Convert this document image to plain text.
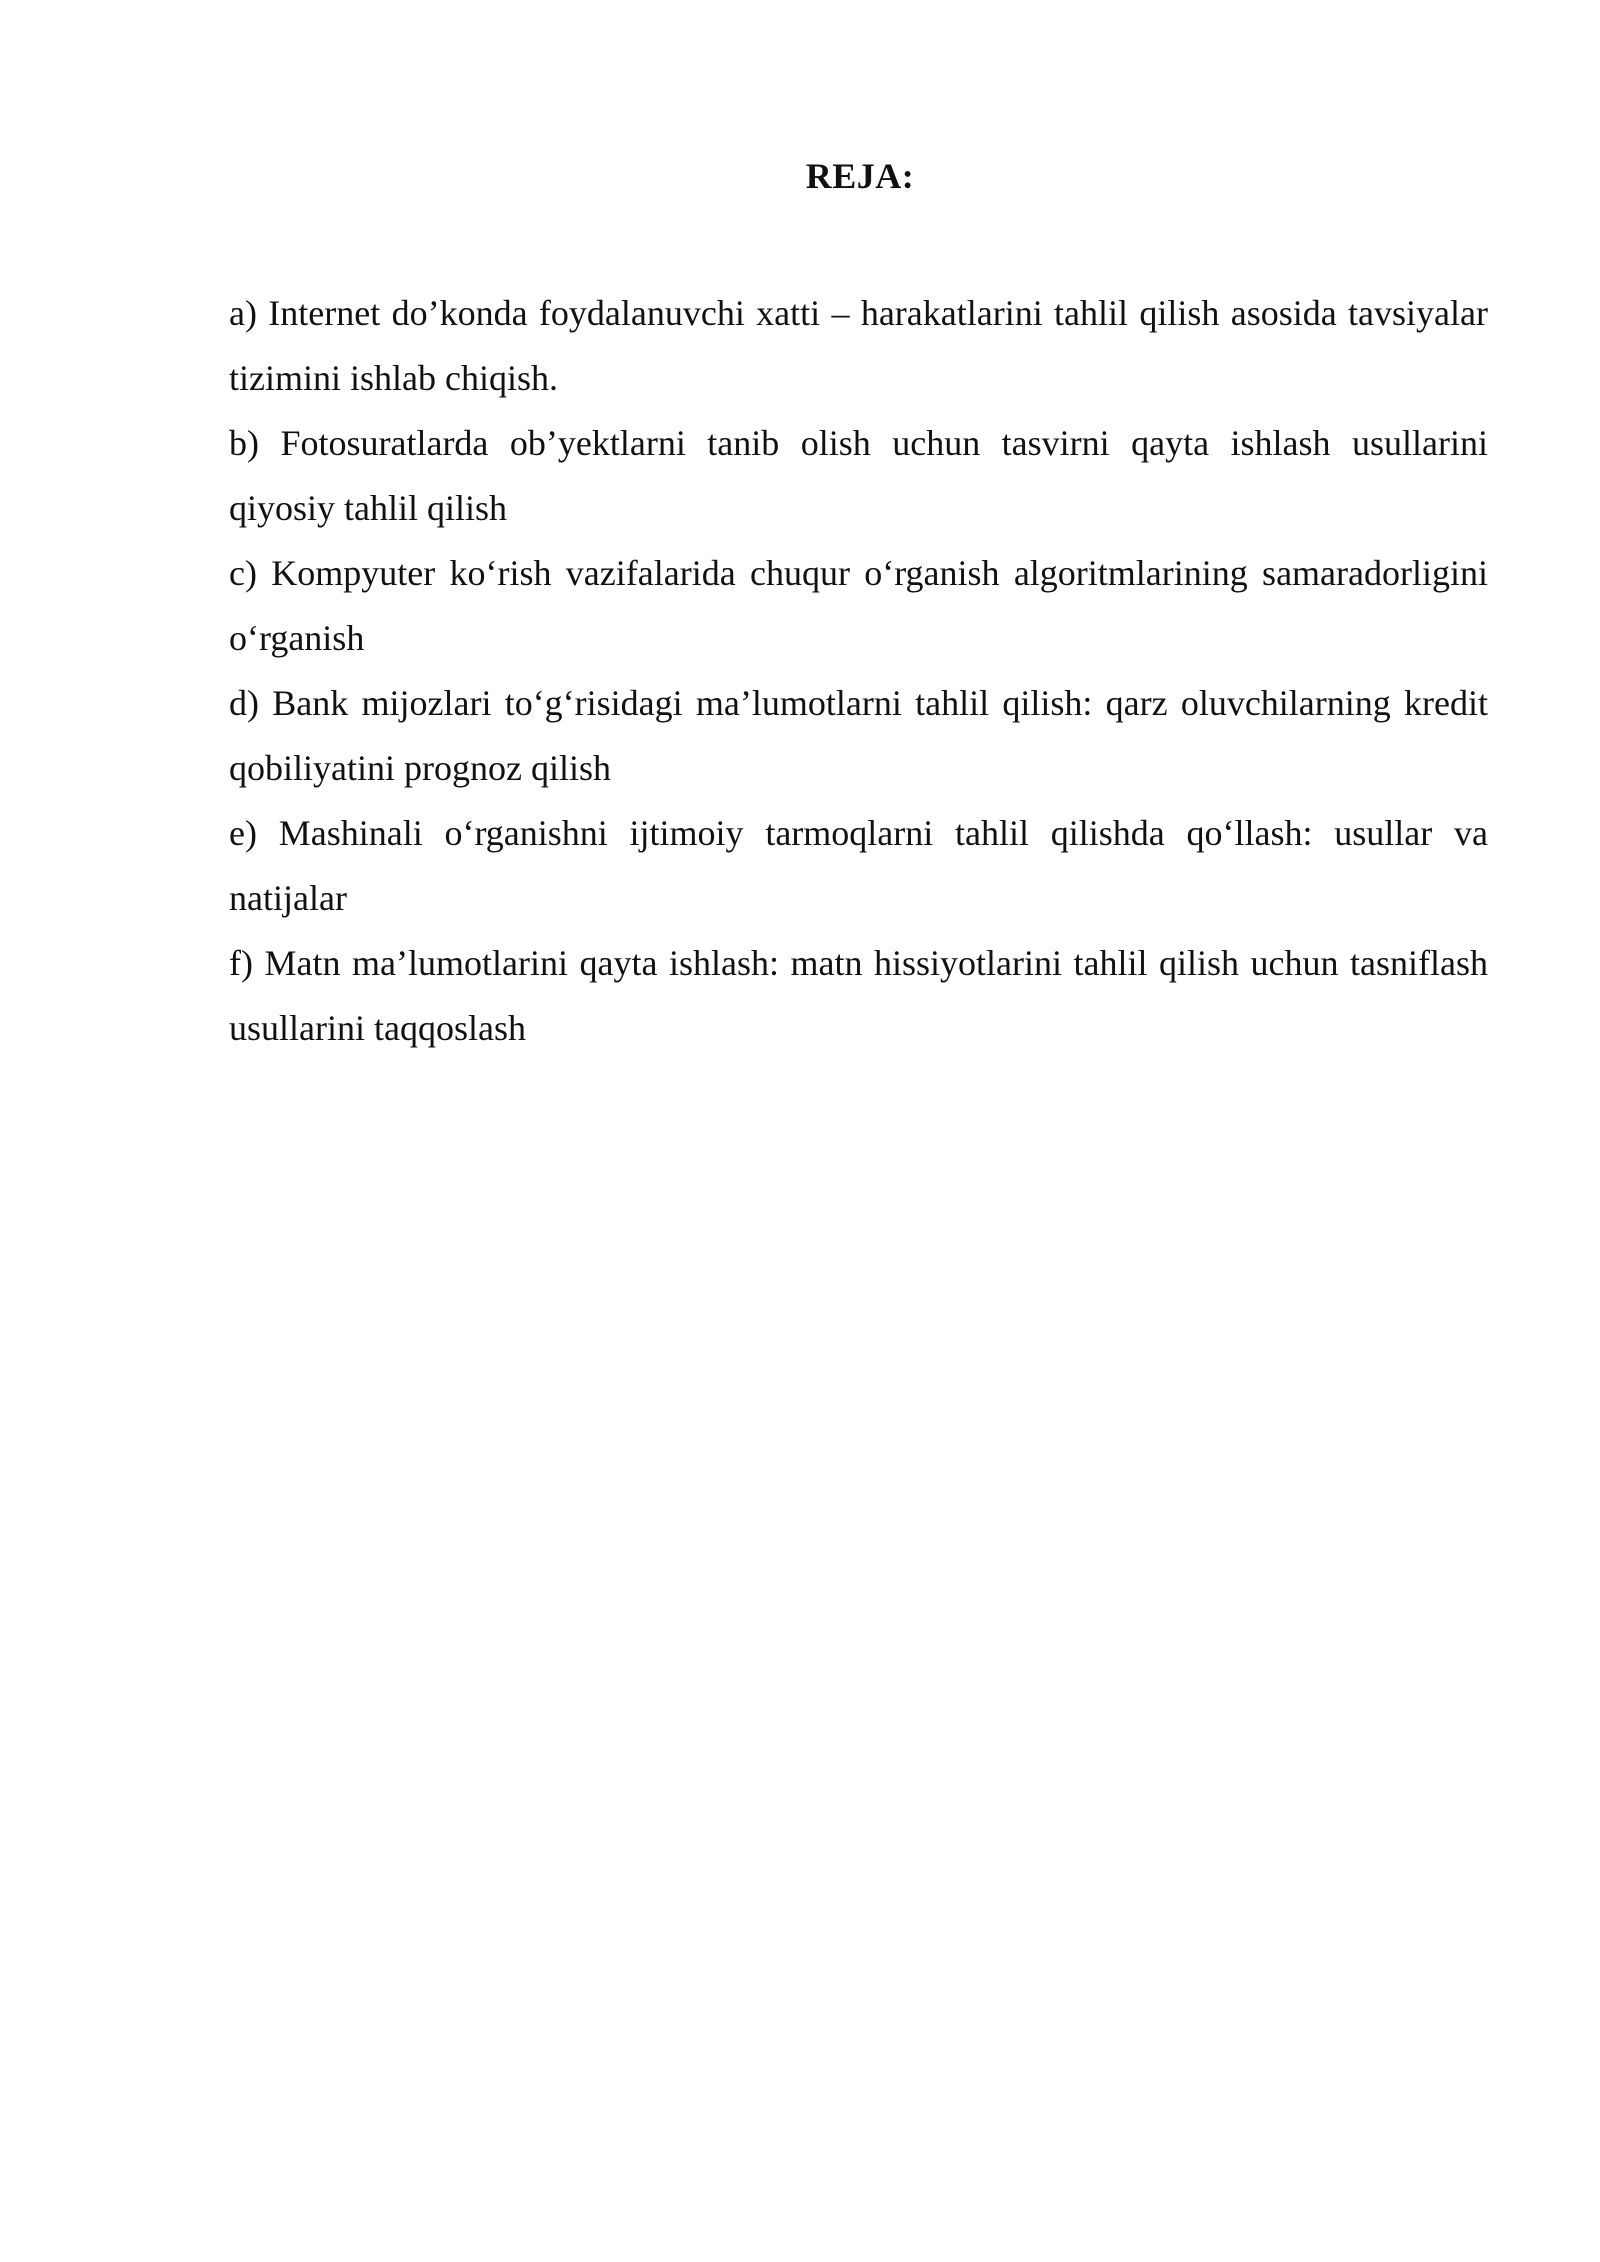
REJA:
a) Internet do’konda foydalanuvchi xatti – harakatlarini tahlil qilish asosida tavsiyalar tizimini ishlab chiqish.
b) Fotosuratlarda ob’yektlarni tanib olish uchun tasvirni qayta ishlash usullarini qiyosiy tahlil qilish
c) Kompyuter ko‘rish vazifalarida chuqur o‘rganish algoritmlarining samaradorligini o‘rganish
d) Bank mijozlari to‘g‘risidagi ma’lumotlarni tahlil qilish: qarz oluvchilarning kredit qobiliyatini prognoz qilish
e) Mashinali o‘rganishni ijtimoiy tarmoqlarni tahlil qilishda qo‘llash: usullar va natijalar
f) Matn ma’lumotlarini qayta ishlash: matn hissiyotlarini tahlil qilish uchun tasniflash usullarini taqqoslash
